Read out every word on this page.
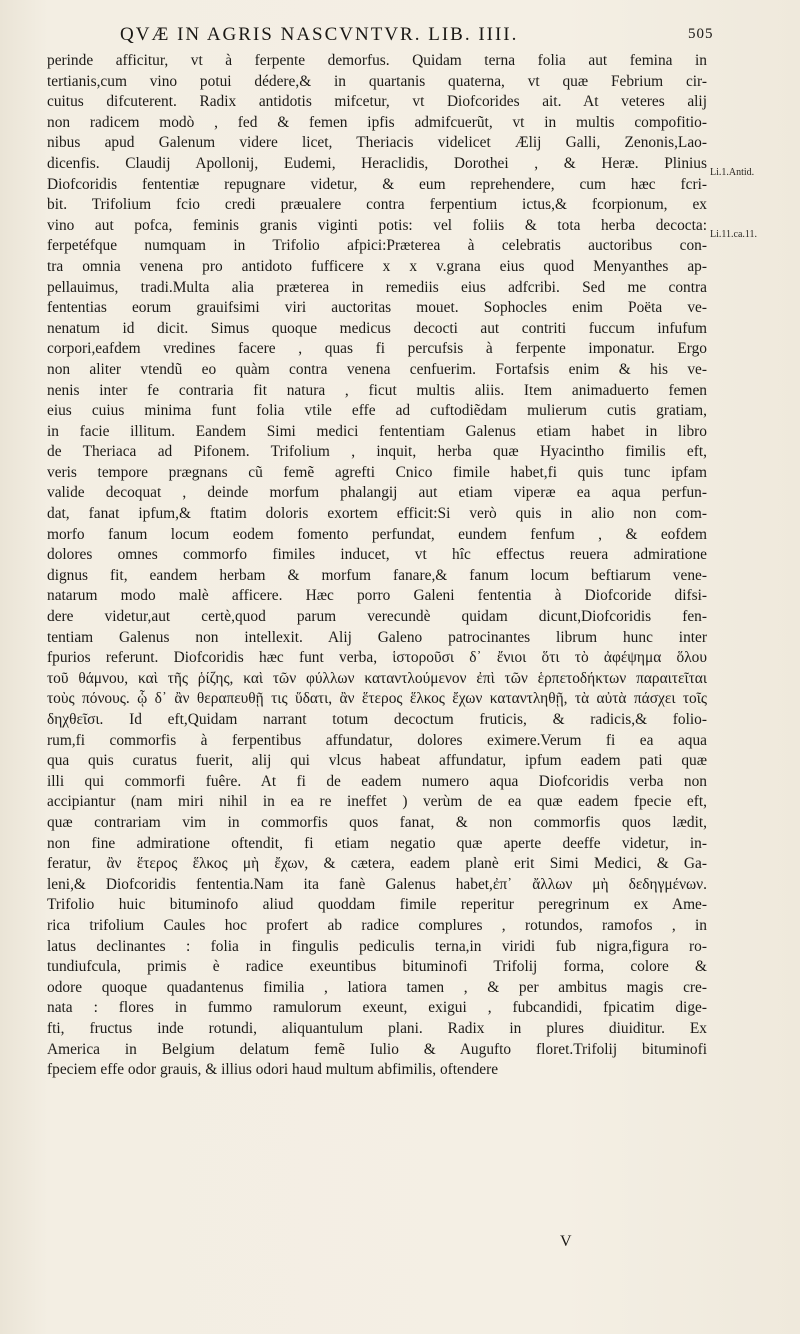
QVÆ IN AGRIS NASCVNTVR. LIB. IIII.	505
Li.1.Antid.
Li.11.ca.11.
perinde afficitur, vt à ferpente demorfus. Quidam terna folia aut femina in
tertianis,cum vino potui dédere,& in quartanis quaterna, vt quæ Febrium cir-
cuitus difcuterent. Radix antidotis mifcetur, vt Diofcorides ait. At veteres alij
non radicem modò , fed & femen ipfis admifcuerũt, vt in multis compofitio-
nibus apud Galenum videre licet, Theriacis videlicet Ælij Galli, Zenonis,Lao-
dicenfis. Claudij Apollonij, Eudemi, Heraclidis, Dorothei , & Heræ. Plinius
Diofcoridis fententiæ repugnare videtur, & eum reprehendere, cum hæc fcri-
bit. Trifolium fcio credi præualere contra ferpentium ictus,& fcorpionum, ex
vino aut pofca, feminis granis viginti potis: vel foliis & tota herba decocta:
ferpetéfque numquam in Trifolio afpici:Præterea à celebratis auctoribus con-
tra omnia venena pro antidoto fufficere x x v.grana eius quod Menyanthes ap-
pellauimus, tradi.Multa alia præterea in remediis eius adfcribi. Sed me contra
fententias eorum grauifsimi viri auctoritas mouet. Sophocles enim Poëta ve-
nenatum id dicit. Simus quoque medicus decocti aut contriti fuccum infufum
corpori,eafdem vredines facere , quas fi percufsis à ferpente imponatur. Ergo
non aliter vtendũ eo quàm contra venena cenfuerim. Fortafsis enim & his ve-
nenis inter fe contraria fit natura , ficut multis aliis. Item animaduerto femen
eius cuius minima funt folia vtile effe ad cuftodiẽdam mulierum cutis gratiam,
in facie illitum. Eandem Simi medici fententiam Galenus etiam habet in libro
de Theriaca ad Pifonem. Trifolium , inquit, herba quæ Hyacintho fimilis eft,
veris tempore prægnans cũ femẽ agrefti Cnico fimile habet,fi quis tunc ipfam
valide decoquat , deinde morfum phalangij aut etiam viperæ ea aqua perfun-
dat, fanat ipfum,& ftatim doloris exortem efficit:Si verò quis in alio non com-
morfo fanum locum eodem fomento perfundat, eundem fenfum , & eofdem
dolores omnes commorfo fimiles inducet, vt hîc effectus reuera admiratione
dignus fit, eandem herbam & morfum fanare,& fanum locum beftiarum vene-
natarum modo malè afficere. Hæc porro Galeni fententia à Diofcoride difsi-
dere videtur,aut certè,quod parum verecundè quidam dicunt,Diofcoridis fen-
tentiam Galenus non intellexit. Alij Galeno patrocinantes librum hunc inter
fpurios referunt. Diofcoridis hæc funt verba, ἱστοροῦσι δ᾽ ἔνιοι ὅτι τὸ ἀφέψημα ὅλου
τοῦ θάμνου, καὶ τῆς ῥίζης, καὶ τῶν φύλλων καταντλούμενον ἐπὶ τῶν ἑρπετοδήκτων παραιτεῖται
τοὺς πόνους. ᾧ δ᾽ ἂν θεραπευθῇ τις ὕδατι, ἂν ἕτερος ἕλκος ἔχων καταντληθῇ, τὰ αὐτὰ πάσχει τοῖς
δηχθεῖσι. Id eft,Quidam narrant totum decoctum fruticis, & radicis,& folio-
rum,fi commorfis à ferpentibus affundatur, dolores eximere.Verum fi ea aqua
qua quis curatus fuerit, alij qui vlcus habeat affundatur, ipfum eadem pati quæ
illi qui commorfi fuêre. At fi de eadem numero aqua Diofcoridis verba non
accipiantur (nam miri nihil in ea re ineffet ) verùm de ea quæ eadem fpecie eft,
quæ contrariam vim in commorfis quos fanat, & non commorfis quos lædit,
non fine admiratione oftendit, fi etiam negatio quæ aperte deeffe videtur, in-
feratur, ἂν ἕτερος ἕλκος μὴ ἔχων, & cætera, eadem planè erit Simi Medici, & Ga-
leni,& Diofcoridis fententia.Nam ita fanè Galenus habet,ἐπ᾽ ἄλλων μὴ δεδηγμένων.
Trifolio huic bituminofo aliud quoddam fimile reperitur peregrinum ex Ame-
rica trifolium Caules hoc profert ab radice complures , rotundos, ramofos , in
latus declinantes : folia in fingulis pediculis terna,in viridi fub nigra,figura ro-
tundiufcula, primis è radice exeuntibus bituminofi Trifolij forma, colore &
odore quoque quadantenus fimilia , latiora tamen , & per ambitus magis cre-
nata : flores in fummo ramulorum exeunt, exigui , fubcandidi, fpicatim dige-
fti, fructus inde rotundi, aliquantulum plani. Radix in plures diuiditur. Ex
America in Belgium delatum femẽ Iulio & Augufto floret.Trifolij bituminofi
fpeciem effe odor grauis, & illius odori haud multum abfimilis, oftendere
V
